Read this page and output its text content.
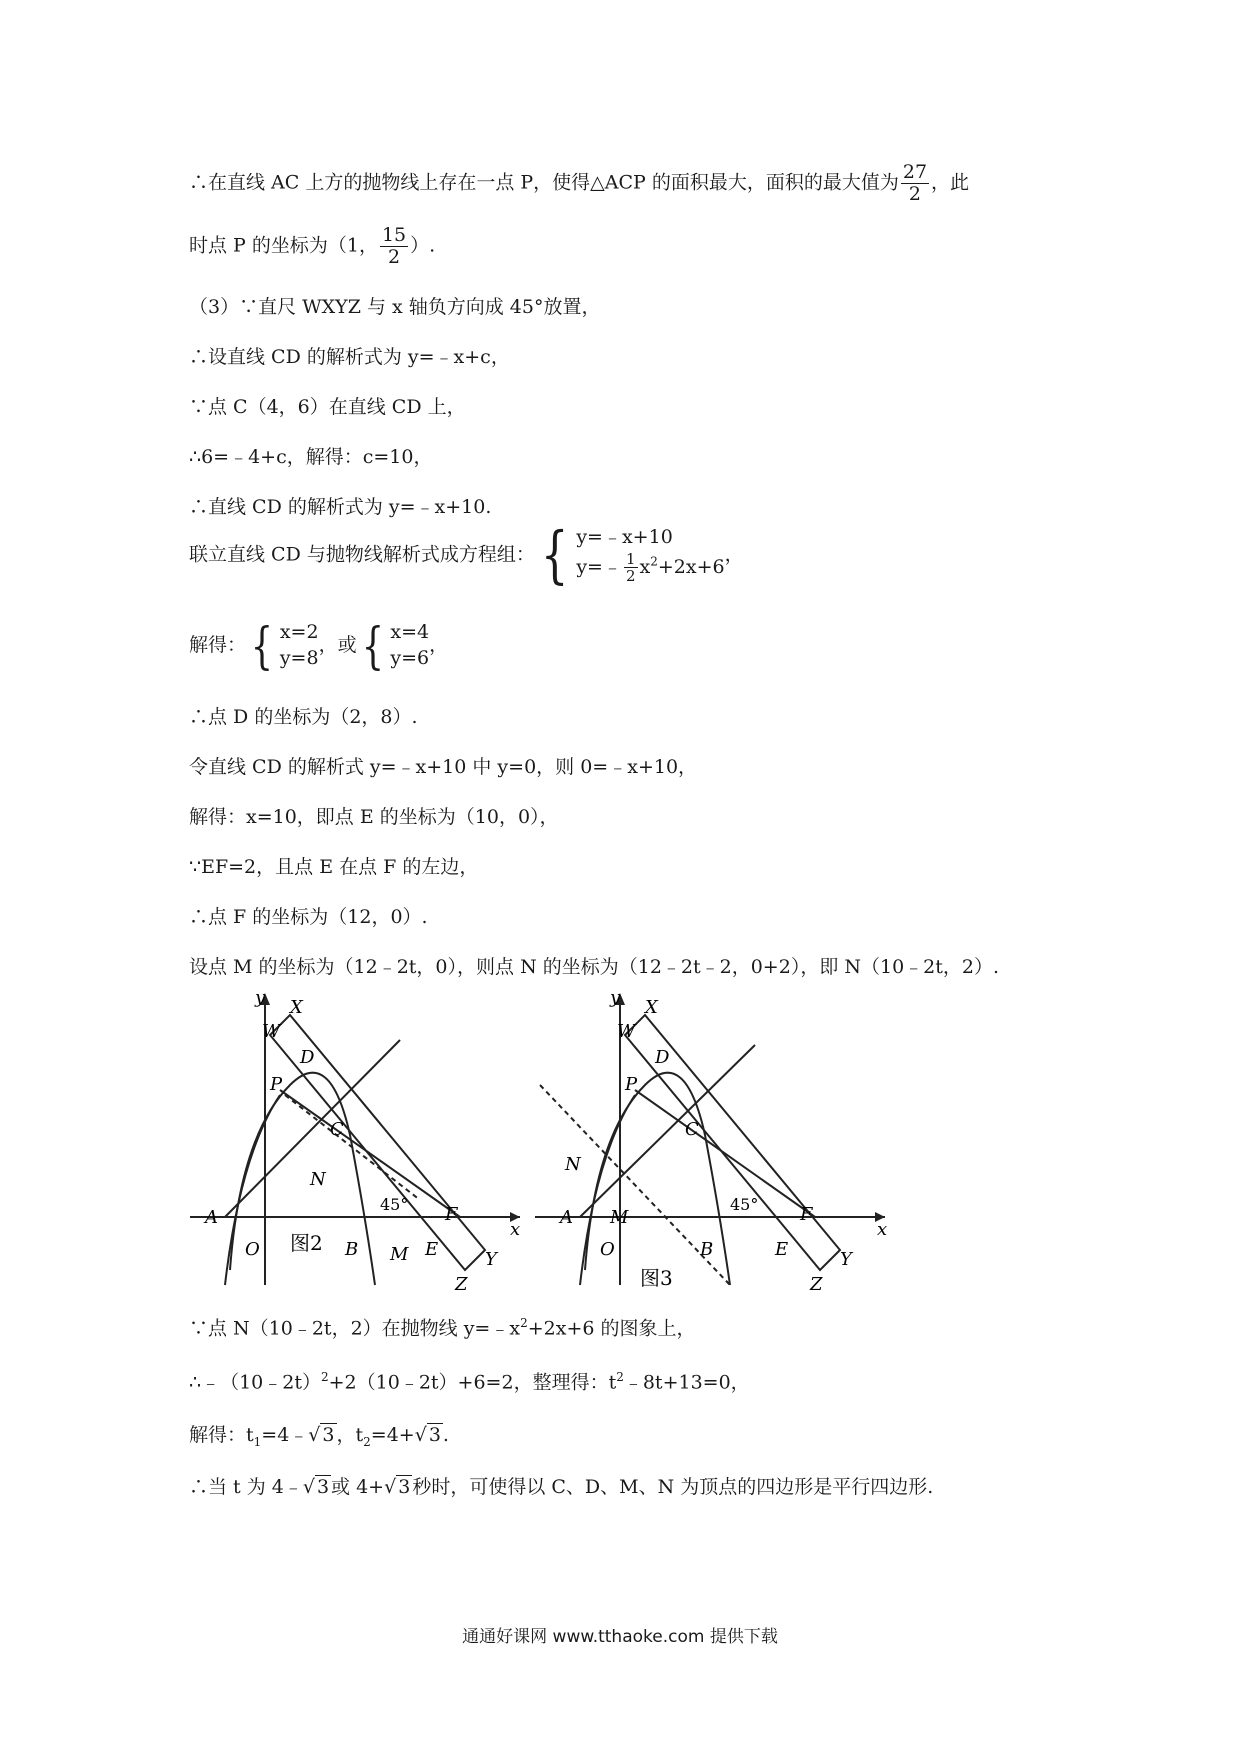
∴在直线 AC 上方的抛物线上存在一点 P，使得△ACP 的面积最大，面积的最大值为 $\frac{27}{2}$ ，此
时点 P 的坐标为（1， $\frac{15}{2}$ ）.
（3）∵直尺 WXYZ 与 x 轴负方向成 45°放置，
∴设直线 CD 的解析式为 y=﹣x+c，
∵点 C（4，6）在直线 CD 上，
∴6=﹣4+c，解得：c=10，
∴直线 CD 的解析式为 y=﹣x+10.
联立直线 CD 与抛物线解析式成方程组：{ y=﹣x+10
y=﹣ $\frac{1}{2} x^2+2x+6$
，
解得：{ x=2
y=8
，或{ x=4
y=6
，
∴点 D 的坐标为（2，8）.
令直线 CD 的解析式 y=﹣x+10 中 y=0，则 0=﹣x+10，
解得：x=10，即点 E 的坐标为（10，0），
∵EF=2，且点 E 在点 F 的左边，
∴点 F 的坐标为（12，0）.
设点 M 的坐标为（12﹣2t，0），则点 N 的坐标为（12﹣2t﹣2，0+2），即 N（10﹣2t，2）.
y
x
W
X
D
P
C
N
A
O	B M E
F
Y
Z
45°
图2
y
x
W
X
D
P
C
N
A
O
M
B	E
F
Y
Z
45°
图3
∵点 N（10﹣2t，2）在抛物线 $y=﹣x^2+2x+6$ 的图象上，
∴﹣（10﹣2t）$^2$+2（10﹣2t）+6=2，整理得：$t^2﹣8t+13=0$，
解得：$t_1=4﹣√$ 3 ，$t_2=4+√$ 3 .
∴当 t 为 4﹣√ 3 或 4+√ 3 秒时，可使得以 C、D、M、N 为顶点的四边形是平行四边形.
通通好课网 www.tthaoke.com 提供下载
